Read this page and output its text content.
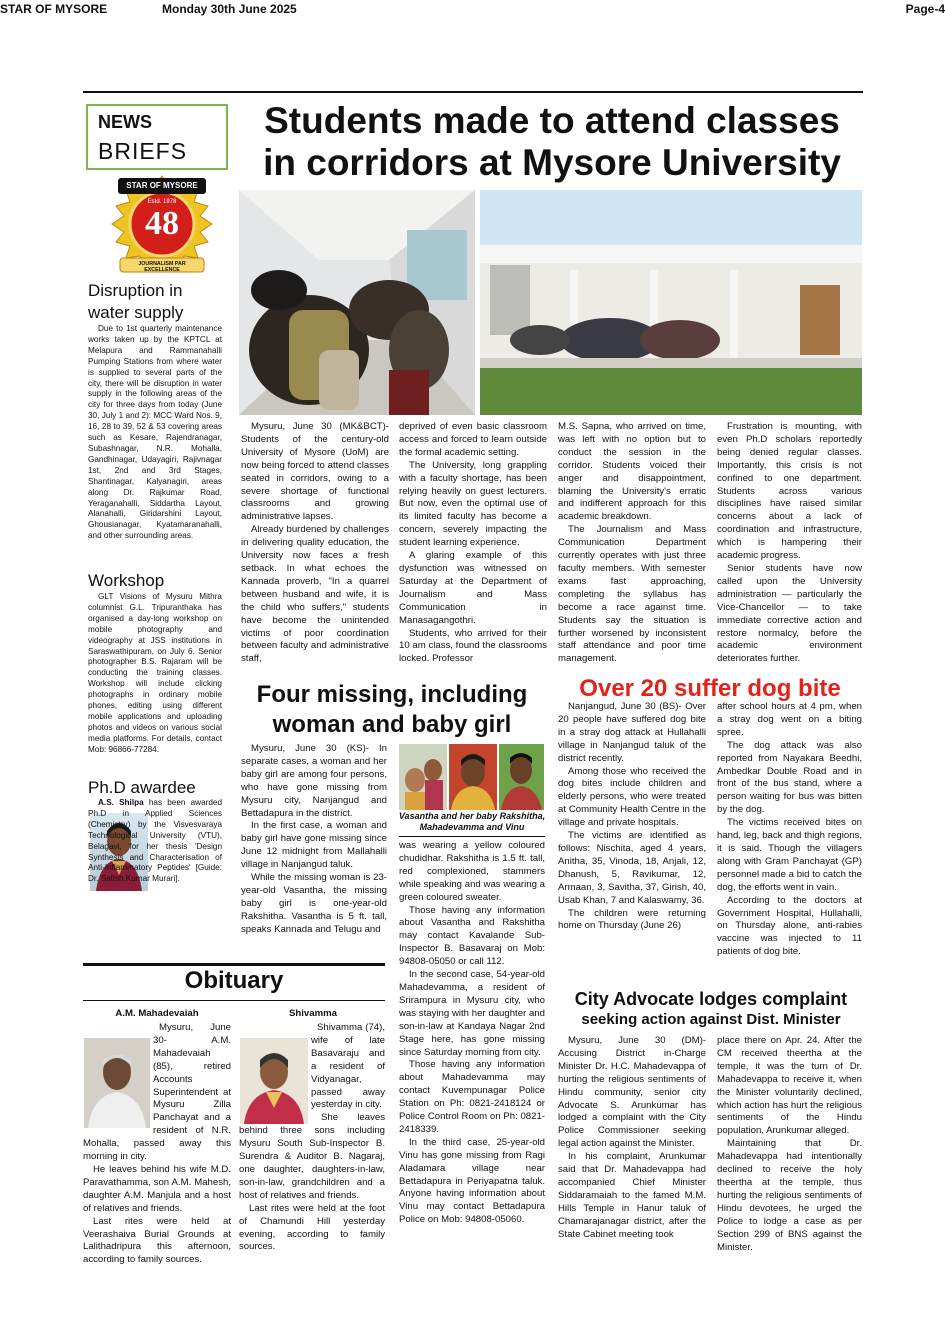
STAR OF MYSORE	Monday 30th June 2025	Page-4
NEWS
BRIEFS
STAR OF MYSORE
Estd. 1978
48
JOURNALISM PAR EXCELLENCE
Disruption in water supply

Due to 1st quarterly maintenance works taken up by the KPTCL at Melapura and Rammanahalli Pumping Stations from where water is supplied to several parts of the city, there will be disruption in water supply in the following areas of the city for three days from today (June 30, July 1 and 2): MCC Ward Nos. 9, 16, 28 to 39, 52 & 53 covering areas such as Kesare, Rajendranagar, Subashnagar, N.R. Mohalla, Gandhinagar, Udayagiri, Rajivnagar 1st, 2nd and 3rd Stages, Shantinagar, Kalyanagiri, areas along Dr. Rajkumar Road, Yeraganahalli, Siddartha Layout, Alanahalli, Giridarshini Layout, Ghousianagar, Kyatamaranahalli, and other surrounding areas.

Workshop

GLT Visions of Mysuru Mithra columnist G.L. Tripuranthaka has organised a day-long workshop on mobile photography and videography at JSS institutions in Saraswathipuram, on July 6. Senior photographer B.S. Rajaram will be conducting the training classes. Workshop will include clicking photographs in ordinary mobile phones, editing using different mobile applications and uploading photos and videos on various social media platforms. For details, contact Mob: 96866-77284.

Ph.D awardee

A.S. Shilpa has been awarded Ph.D in Applied Sciences (Chemistry) by the Visvesvaraya Technological University (VTU), Belagavi, for her thesis 'Design Synthesis and Characterisation of Anti-Inflammatory Peptides' [Guide: Dr. Satish Kumar Murari].

Students made to attend classes
in corridors at Mysore University

Mysuru, June 30 (MK&BCT)- Students of the century-old University of Mysore (UoM) are now being forced to attend classes seated in corridors, owing to a severe shortage of functional classrooms and growing administrative lapses.

Already burdened by challenges in delivering quality education, the University now faces a fresh setback. In what echoes the Kannada proverb, "In a quarrel between husband and wife, it is the child who suffers," students have become the unintended victims of poor coordination between faculty and administrative staff,

deprived of even basic classroom access and forced to learn outside the formal academic setting.

The University, long grappling with a faculty shortage, has been relying heavily on guest lecturers. But now, even the optimal use of its limited faculty has become a concern, severely impacting the student learning experience.

A glaring example of this dysfunction was witnessed on Saturday at the Department of Journalism and Mass Communication in Manasagangothri.

Students, who arrived for their 10 am class, found the classrooms locked. Professor

M.S. Sapna, who arrived on time, was left with no option but to conduct the session in the corridor. Students voiced their anger and disappointment, blaming the University's erratic and indifferent approach for this academic breakdown.

The Journalism and Mass Communication Department currently operates with just three faculty members. With semester exams fast approaching, completing the syllabus has become a race against time. Students say the situation is further worsened by inconsistent staff attendance and poor time management.

Frustration is mounting, with even Ph.D scholars reportedly being denied regular classes. Importantly, this crisis is not confined to one department. Students across various disciplines have raised similar concerns about a lack of coordination and infrastructure, which is hampering their academic progress.

Senior students have now called upon the University administration — particularly the Vice-Chancellor — to take immediate corrective action and restore normalcy, before the academic environment deteriorates further.

Four missing, including
woman and baby girl

Mysuru, June 30 (KS)- In separate cases, a woman and her baby girl are among four persons, who have gone missing from Mysuru city, Nanjangud and Bettadapura in the district.

In the first case, a woman and baby girl have gone missing since June 12 midnight from Mallahalli village in Nanjangud taluk.

While the missing woman is 23-year-old Vasantha, the missing baby girl is one-year-old Rakshitha. Vasantha is 5 ft. tall, speaks Kannada and Telugu and

Vasantha and her baby Rakshitha,
Mahadevamma and Vinu

was wearing a yellow coloured chudidhar. Rakshitha is 1.5 ft. tall, red complexioned, stammers while speaking and was wearing a green coloured sweater.

Those having any information about Vasantha and Rakshitha may contact Kavalande Sub-Inspector B. Basavaraj on Mob: 94808-05050 or call 112.

In the second case, 54-year-old Mahadevamma, a resident of Srirampura in Mysuru city, who was staying with her daughter and son-in-law at Kandaya Nagar 2nd Stage here, has gone missing since Saturday morning from city.

Those having any information about Mahadevamma may contact Kuvempunagar Police Station on Ph: 0821-2418124 or Police Control Room on Ph: 0821-2418339.

In the third case, 25-year-old Vinu has gone missing from Ragi Aladamara village near Bettadapura in Periyapatna taluk. Anyone having information about Vinu may contact Bettadapura Police on Mob: 94808-05060.

Over 20 suffer dog bite

Nanjangud, June 30 (BS)- Over 20 people have suffered dog bite in a stray dog attack at Hullahalli village in Nanjangud taluk of the district recently.

Among those who received the dog bites include children and elderly persons, who were treated at Community Health Centre in the village and private hospitals.

The victims are identified as follows: Nischita, aged 4 years, Anitha, 35, Vinoda, 18, Anjali, 12, Dhanush, 5, Ravikumar, 12, Armaan, 3, Savitha, 37, Girish, 40, Usab Khan, 7 and Kalaswamy, 36.

The children were returning home on Thursday (June 26)

after school hours at 4 pm, when a stray dog went on a biting spree.

The dog attack was also reported from Nayakara Beedhi, Ambedkar Double Road and in front of the bus stand, where a person waiting for bus was bitten by the dog.

The victims received bites on hand, leg, back and thigh regions, it is said. Though the villagers along with Gram Panchayat (GP) personnel made a bid to catch the dog, the efforts went in vain.

According to the doctors at Government Hospital, Hullahalli, on Thursday alone, anti-rabies vaccine was injected to 11 patients of dog bite.

City Advocate lodges complaint
seeking action against Dist. Minister

Mysuru, June 30 (DM)- Accusing District in-Charge Minister Dr. H.C. Mahadevappa of hurting the religious sentiments of Hindu community, senior city Advocate S. Arunkumar has lodged a complaint with the City Police Commissioner seeking legal action against the Minister.

In his complaint, Arunkumar said that Dr. Mahadevappa had accompanied Chief Minister Siddaramaiah to the famed M.M. Hills Temple in Hanur taluk of Chamarajanagar district, after the State Cabinet meeting took

place there on Apr. 24. After the CM received theertha at the temple, it was the turn of Dr. Mahadevappa to receive it, when the Minister voluntarily declined, which action has hurt the religious sentiments of the Hindu population, Arunkumar alleged.

Maintaining that Dr. Mahadevappa had intentionally declined to receive the holy theertha at the temple, thus hurting the religious sentiments of Hindu devotees, he urged the Police to lodge a case as per Section 299 of BNS against the Minister.

Obituary
A.M. Mahadevaiah

Mysuru, June 30- A.M. Mahadevaiah (85), retired Accounts Superintendent at Mysuru Zilla Panchayat and a resident of N.R. Mohalla, passed away this morning in city.

He leaves behind his wife M.D. Paravathamma, son A.M. Mahesh, daughter A.M. Manjula and a host of relatives and friends.

Last rites were held at Veerashaiva Burial Grounds at Lalithadripura this afternoon, according to family sources.

Shivamma

Shivamma (74), wife of late Basavaraju and a resident of Vidyanagar, passed away yesterday in city.

She leaves behind three sons including Mysuru South Sub-Inspector B. Surendra & Auditor B. Nagaraj, one daughter, daughters-in-law, son-in-law, grandchildren and a host of relatives and friends.

Last rites were held at the foot of Chamundi Hill yesterday evening, according to family sources.
